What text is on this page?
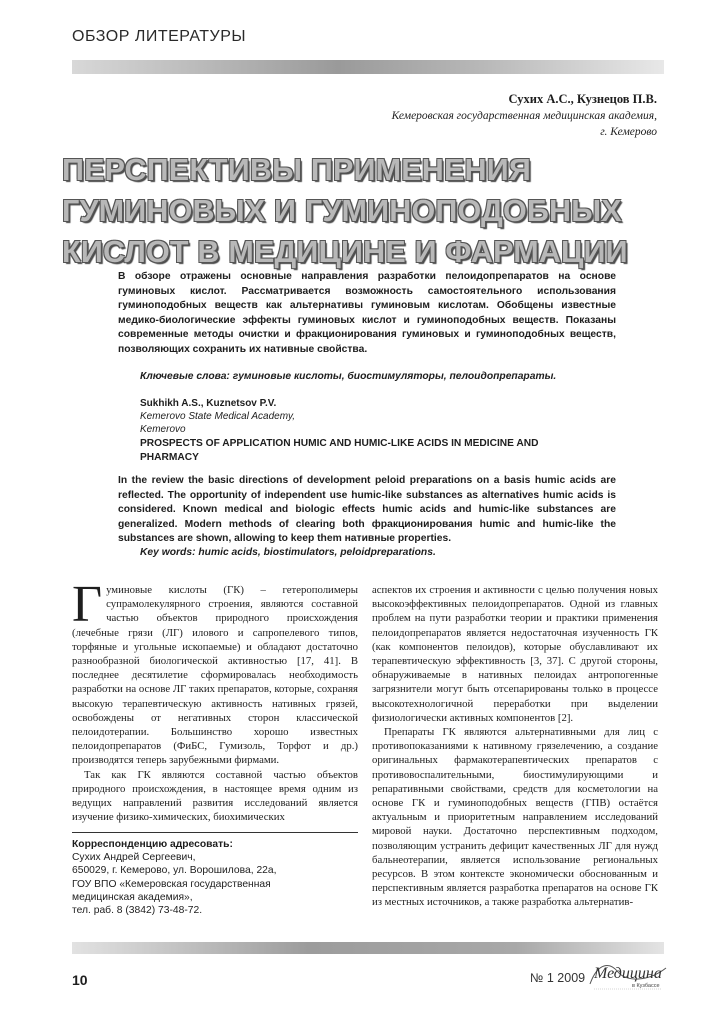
ОБЗОР ЛИТЕРАТУРЫ
Сухих А.С., Кузнецов П.В.
Кемеровская государственная медицинская академия,
г. Кемерово
ПЕРСПЕКТИВЫ ПРИМЕНЕНИЯ
ГУМИНОВЫХ И ГУМИНОПОДОБНЫХ
КИСЛОТ В МЕДИЦИНЕ И ФАРМАЦИИ
В обзоре отражены основные направления разработки пелоидопрепаратов на основе гуминовых кислот. Рассматривается возможность самостоятельного использования гуминоподобных веществ как альтернативы гуминовым кислотам. Обобщены известные медико-биологические эффекты гуминовых кислот и гуминоподобных веществ. Показаны современные методы очистки и фракционирования гуминовых и гуминоподобных веществ, позволяющих сохранить их нативные свойства.
Ключевые слова: гуминовые кислоты, биостимуляторы, пелоидопрепараты.
Sukhikh A.S., Kuznetsov P.V.
Kemerovo State Medical Academy,
Kemerovo
PROSPECTS OF APPLICATION HUMIC AND HUMIC-LIKE ACIDS IN MEDICINE AND PHARMACY
In the review the basic directions of development peloid preparations on a basis humic acids are reflected. The opportunity of independent use humic-like substances as alternatives humic acids is considered. Known medical and biologic effects humic acids and humic-like substances are generalized. Modern methods of clearing both фракционирования humic and humic-like the substances are shown, allowing to keep them нативные properties.
Key words: humic acids, biostimulators, peloidpreparations.
Г уминовые кислоты (ГК) – гетерополимеры супрамолекулярного строения, являются составной частью объектов природного происхождения (лечебные грязи (ЛГ) илового и сапропелевого типов, торфяные и угольные ископаемые) и обладают достаточно разнообразной биологической активностью [17, 41]. В последнее десятилетие сформировалась необходимость разработки на основе ЛГ таких препаратов, которые, сохраняя высокую терапевтическую активность нативных грязей, освобождены от негативных сторон классической пелоидотерапии. Большинство хорошо известных пелоидопрепаратов (ФиБС, Гумизоль, Торфот и др.) производятся теперь зарубежными фирмами.

Так как ГК являются составной частью объектов природного происхождения, в настоящее время одним из ведущих направлений развития исследований является изучение физико-химических, биохимических

аспектов их строения и активности с целью получения новых высокоэффективных пелоидопрепаратов. Одной из главных проблем на пути разработки теории и практики применения пелоидопрепаратов является недостаточная изученность ГК (как компонентов пелоидов), которые обуславливают их терапевтическую эффективность [3, 37]. С другой стороны, обнаруживаемые в нативных пелоидах антропогенные загрязнители могут быть отсепарированы только в процессе высокотехнологичной переработки при выделении физиологически активных компонентов [2].

Препараты ГК являются альтернативными для лиц с противопоказаниями к нативному грязелечению, а создание оригинальных фармакотерапевтических препаратов с противовоспалительными, биостимулирующими и репаративными свойствами, средств для косметологии на основе ГК и гуминоподобных веществ (ГПВ) остаётся актуальным и приоритетным направлением исследований мировой науки. Достаточно перспективным подходом, позволяющим устранить дефицит качественных ЛГ для нужд бальнеотерапии, является использование региональных ресурсов. В этом контексте экономически обоснованным и перспективным является разработка препаратов на основе ГК из местных источников, а также разработка альтернатив-

Корреспонденцию адресовать:
Сухих Андрей Сергеевич,
650029, г. Кемерово, ул. Ворошилова, 22а,
ГОУ ВПО «Кемеровская государственная
медицинская академия»,
тел. раб. 8 (3842) 73-48-72.
10	№ 1 2009 Медицина
в Кузбассе
